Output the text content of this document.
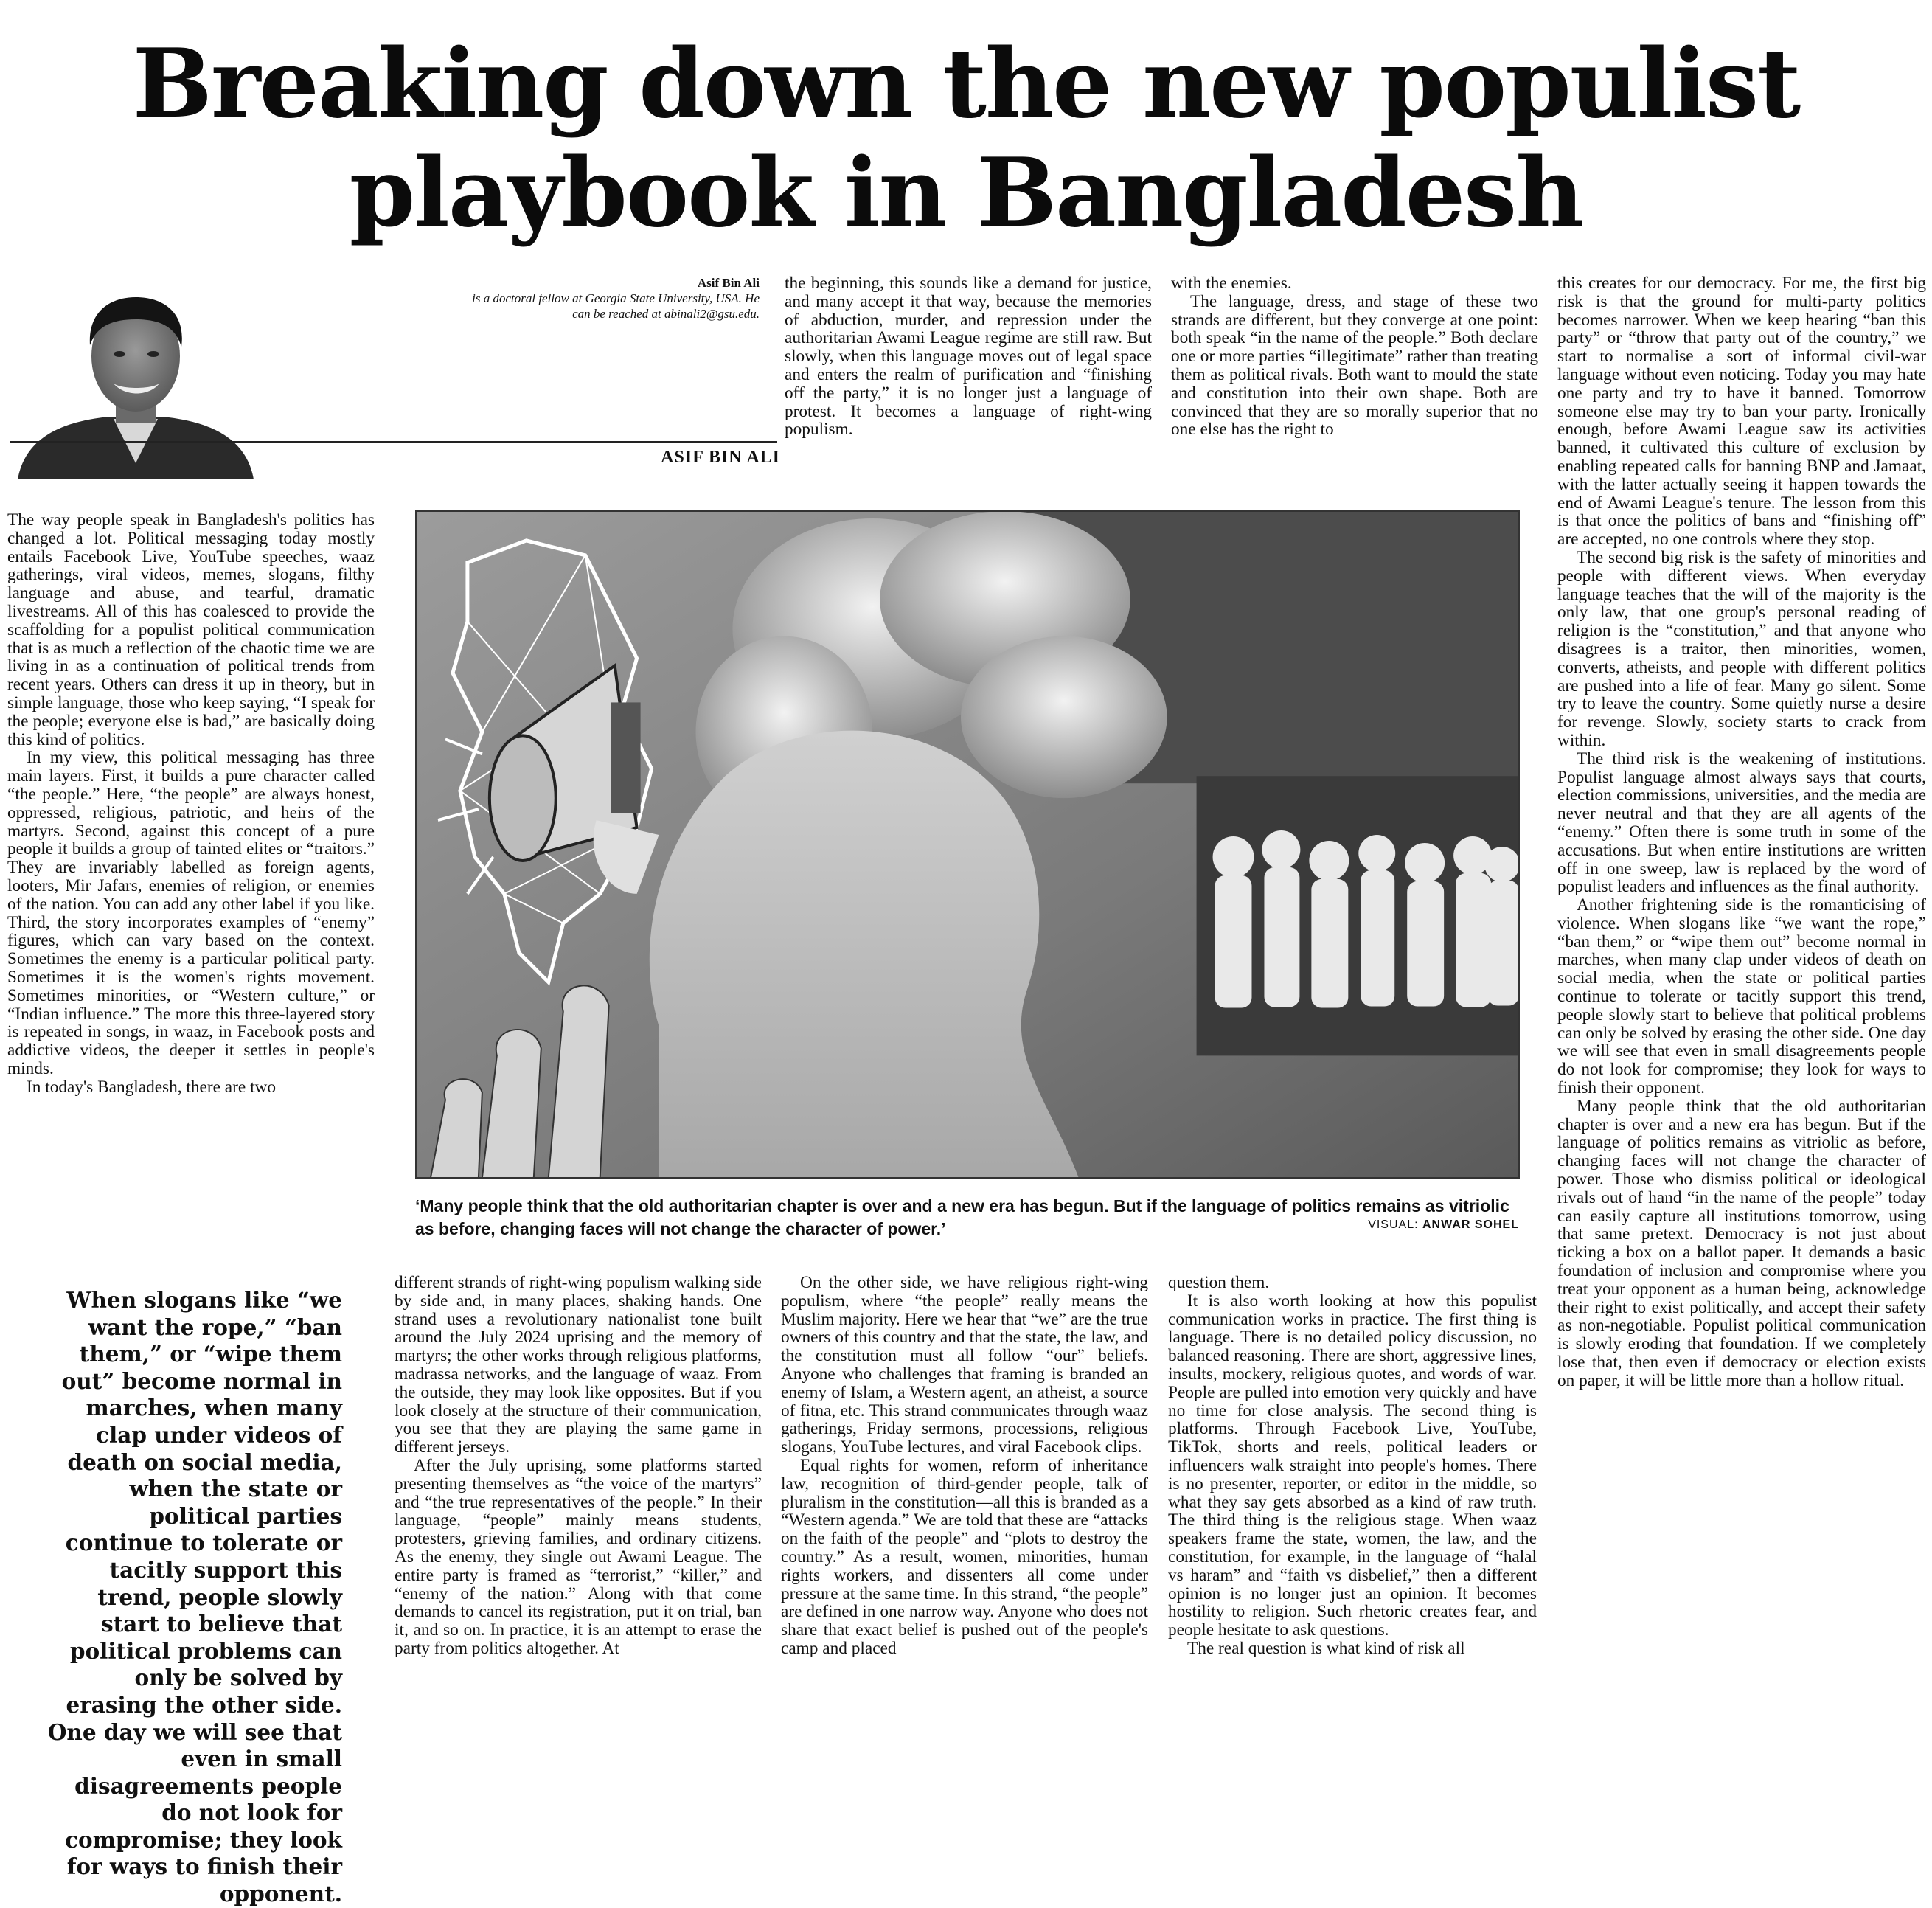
Breaking down the new populist
playbook in Bangladesh
Asif Bin Ali
is a doctoral fellow at Georgia State University, USA. He
can be reached at abinali2@gsu.edu.
ASIF BIN ALI

The way people speak in Bangladesh's politics has changed a lot. Political messaging today mostly entails Facebook Live, YouTube speeches, waaz gatherings, viral videos, memes, slogans, filthy language and abuse, and tearful, dramatic livestreams. All of this has coalesced to provide the scaffolding for a populist political communication that is as much a reflection of the chaotic time we are living in as a continuation of political trends from recent years. Others can dress it up in theory, but in simple language, those who keep saying, “I speak for the people; everyone else is bad,” are basically doing this kind of politics.

In my view, this political messaging has three main layers. First, it builds a pure character called “the people.” Here, “the people” are always honest, oppressed, religious, patriotic, and heirs of the martyrs. Second, against this concept of a pure people it builds a group of tainted elites or “traitors.” They are invariably labelled as foreign agents, looters, Mir Jafars, enemies of religion, or enemies of the nation. You can add any other label if you like. Third, the story incorporates examples of “enemy” figures, which can vary based on the context. Sometimes the enemy is a particular political party. Sometimes it is the women's rights movement. Sometimes minorities, or “Western culture,” or “Indian influence.” The more this three-layered story is repeated in songs, in waaz, in Facebook posts and addictive videos, the deeper it settles in people's minds.

In today's Bangladesh, there are two

the beginning, this sounds like a demand for justice, and many accept it that way, because the memories of abduction, murder, and repression under the authoritarian Awami League regime are still raw. But slowly, when this language moves out of legal space and enters the realm of purification and “finishing off the party,” it is no longer just a language of protest. It becomes a language of right-wing populism.

with the enemies.

The language, dress, and stage of these two strands are different, but they converge at one point: both speak “in the name of the people.” Both declare one or more parties “illegitimate” rather than treating them as political rivals. Both want to mould the state and constitution into their own shape. Both are convinced that they are so morally superior that no one else has the right to

this creates for our democracy. For me, the first big risk is that the ground for multi-party politics becomes narrower. When we keep hearing “ban this party” or “throw that party out of the country,” we start to normalise a sort of informal civil-war language without even noticing. Today you may hate one party and try to have it banned. Tomorrow someone else may try to ban your party. Ironically enough, before Awami League saw its activities banned, it cultivated this culture of exclusion by enabling repeated calls for banning BNP and Jamaat, with the latter actually seeing it happen towards the end of Awami League's tenure. The lesson from this is that once the politics of bans and “finishing off” are accepted, no one controls where they stop.

The second big risk is the safety of minorities and people with different views. When everyday language teaches that the will of the majority is the only law, that one group's personal reading of religion is the “constitution,” and that anyone who disagrees is a traitor, then minorities, women, converts, atheists, and people with different politics are pushed into a life of fear. Many go silent. Some try to leave the country. Some quietly nurse a desire for revenge. Slowly, society starts to crack from within.

The third risk is the weakening of institutions. Populist language almost always says that courts, election commissions, universities, and the media are never neutral and that they are all agents of the “enemy.” Often there is some truth in some of the accusations. But when entire institutions are written off in one sweep, law is replaced by the word of populist leaders and influences as the final authority.

Another frightening side is the romanticising of violence. When slogans like “we want the rope,” “ban them,” or “wipe them out” become normal in marches, when many clap under videos of death on social media, when the state or political parties continue to tolerate or tacitly support this trend, people slowly start to believe that political problems can only be solved by erasing the other side. One day we will see that even in small disagreements people do not look for compromise; they look for ways to finish their opponent.

Many people think that the old authoritarian chapter is over and a new era has begun. But if the language of politics remains as vitriolic as before, changing faces will not change the character of power. Those who dismiss political or ideological rivals out of hand “in the name of the people” today can easily capture all institutions tomorrow, using that same pretext. Democracy is not just about ticking a box on a ballot paper. It demands a basic foundation of inclusion and compromise where you treat your opponent as a human being, acknowledge their right to exist politically, and accept their safety as non-negotiable. Populist political communication is slowly eroding that foundation. If we completely lose that, then even if democracy or election exists on paper, it will be little more than a hollow ritual.

‘Many people think that the old authoritarian chapter is over and a new era has begun. But if the language of politics remains as vitriolic as before, changing faces will not change the character of power.’	VISUAL: ANWAR SOHEL
When slogans like “we want the rope,” “ban them,” or “wipe them out” become normal in marches, when many clap under videos of death on social media, when the state or political parties continue to tolerate or tacitly support this trend, people slowly start to believe that political problems can only be solved by erasing the other side. One day we will see that even in small disagreements people do not look for compromise; they look for ways to finish their opponent.

different strands of right-wing populism walking side by side and, in many places, shaking hands. One strand uses a revolutionary nationalist tone built around the July 2024 uprising and the memory of martyrs; the other works through religious platforms, madrassa networks, and the language of waaz. From the outside, they may look like opposites. But if you look closely at the structure of their communication, you see that they are playing the same game in different jerseys.

After the July uprising, some platforms started presenting themselves as “the voice of the martyrs” and “the true representatives of the people.” In their language, “people” mainly means students, protesters, grieving families, and ordinary citizens. As the enemy, they single out Awami League. The entire party is framed as “terrorist,” “killer,” and “enemy of the nation.” Along with that come demands to cancel its registration, put it on trial, ban it, and so on. In practice, it is an attempt to erase the party from politics altogether. At

On the other side, we have religious right-wing populism, where “the people” really means the Muslim majority. Here we hear that “we” are the true owners of this country and that the state, the law, and the constitution must all follow “our” beliefs. Anyone who challenges that framing is branded an enemy of Islam, a Western agent, an atheist, a source of fitna, etc. This strand communicates through waaz gatherings, Friday sermons, processions, religious slogans, YouTube lectures, and viral Facebook clips.

Equal rights for women, reform of inheritance law, recognition of third-gender people, talk of pluralism in the constitution—all this is branded as a “Western agenda.” We are told that these are “attacks on the faith of the people” and “plots to destroy the country.” As a result, women, minorities, human rights workers, and dissenters all come under pressure at the same time. In this strand, “the people” are defined in one narrow way. Anyone who does not share that exact belief is pushed out of the people's camp and placed

question them.

It is also worth looking at how this populist communication works in practice. The first thing is language. There is no detailed policy discussion, no balanced reasoning. There are short, aggressive lines, insults, mockery, religious quotes, and words of war. People are pulled into emotion very quickly and have no time for close analysis. The second thing is platforms. Through Facebook Live, YouTube, TikTok, shorts and reels, political leaders or influencers walk straight into people's homes. There is no presenter, reporter, or editor in the middle, so what they say gets absorbed as a kind of raw truth. The third thing is the religious stage. When waaz speakers frame the state, women, the law, and the constitution, for example, in the language of “halal vs haram” and “faith vs disbelief,” then a different opinion is no longer just an opinion. It becomes hostility to religion. Such rhetoric creates fear, and people hesitate to ask questions.

The real question is what kind of risk all
